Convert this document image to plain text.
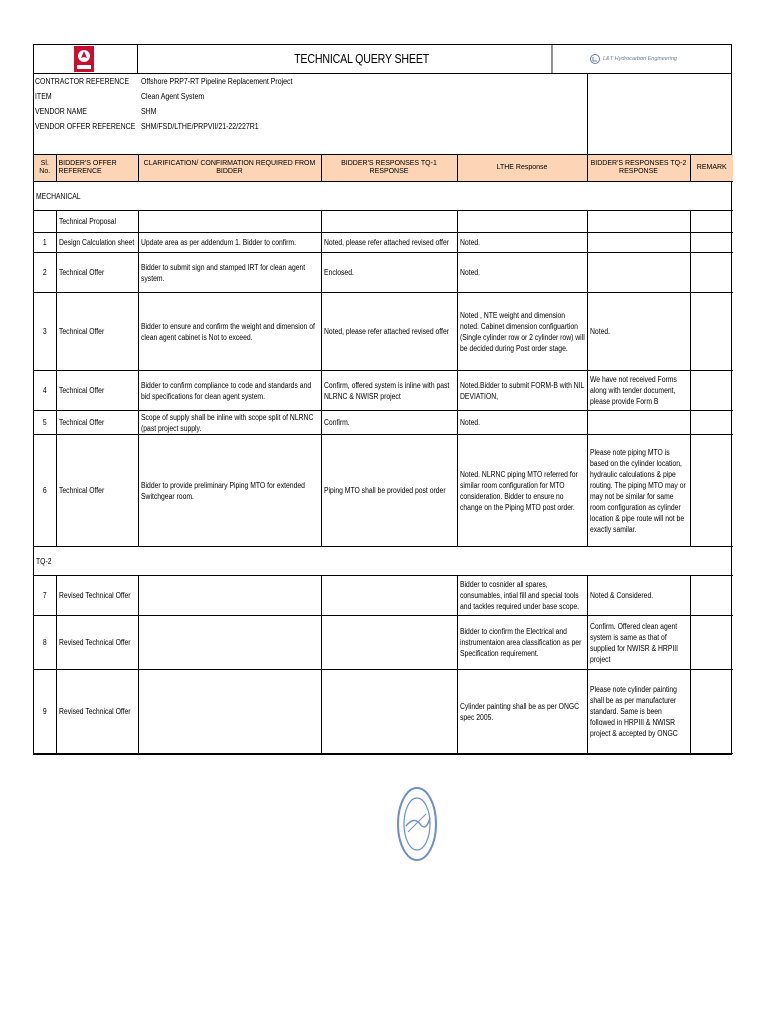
TECHNICAL QUERY SHEET	L&T Hydrocarbon Engineering
CONTRACTOR REFERENCE	Offshore PRP7-RT Pipeline Replacement Project
ITEM	Clean Agent System
VENDOR NAME	SHM
VENDOR OFFER REFERENCE SHM/FSD/LTHE/PRPVII/21-22/227R1
Sl. No.	BIDDER'S OFFER REFERENCE	CLARIFICATION/ CONFIRMATION REQUIRED FROM BIDDER	BIDDER'S RESPONSES TQ-1 RESPONSE	LTHE Response	BIDDER'S RESPONSES TQ-2 RESPONSE	REMARK
MECHANICAL						
	Technical Proposal					
1	Design Calculation sheet	Update area as per addendum 1. Bidder to confirm.	Noted, please refer attached revised offer	Noted.		
2	Technical Offer	Bidder to submit sign and stamped IRT for clean agent system.	Enclosed.	Noted.		
3	Technical Offer	Bidder to ensure and confirm the weight and dimension of clean agent cabinet is Not to exceed.	Noted, please refer attached revised offer	Noted , NTE weight and dimension noted. Cabinet dimension configuartion (Single cylinder row or 2 cylinder row) will be decided during Post order stage.	Noted.	
4	Technical Offer	Bidder to confirm compliance to code and standards and bid specifications for clean agent system.	Confirm, offered system is inline with past NLRNC & NWISR project	Noted.Bidder to submit FORM-B with NIL DEVIATION,	We have not received Forms along with tender document, please provide Form B	
5	Technical Offer	Scope of supply shall be inline with scope split of NLRNC (past project supply.	Confirm.	Noted.		
6	Technical Offer	Bidder to provide preliminary Piping MTO for extended Switchgear room.	Piping MTO shall be provided post order	Noted. NLRNC piping MTO referred for similar room configuration for MTO consideration. Bidder to ensure no change on the Piping MTO post order.	Please note piping MTO is based on the cylinder location, hydraulic calculations & pipe routing. The piping MTO may or may not be similar for same room configuration as cylinder location & pipe route will not be exactly samilar.	
TQ-2						
7	Revised Technical Offer			Bidder to cosnider all spares, consumables, intial fill and special tools and tackles required under base scope.	Noted & Considered.	
8	Revised Technical Offer			Bidder to cionfirm the Electrical and instrumentaion area classification as per Specification requirement.	Confirm. Offered clean agent system is same as that of supplied for NWISR & HRPIII project	
9	Revised Technical Offer			Cylinder painting shall be as per ONGC spec 2005.	Please note cylinder painting shall be as per manufacturer standard. Same is been followed in HRPIII & NWISR project & accepted by ONGC	
